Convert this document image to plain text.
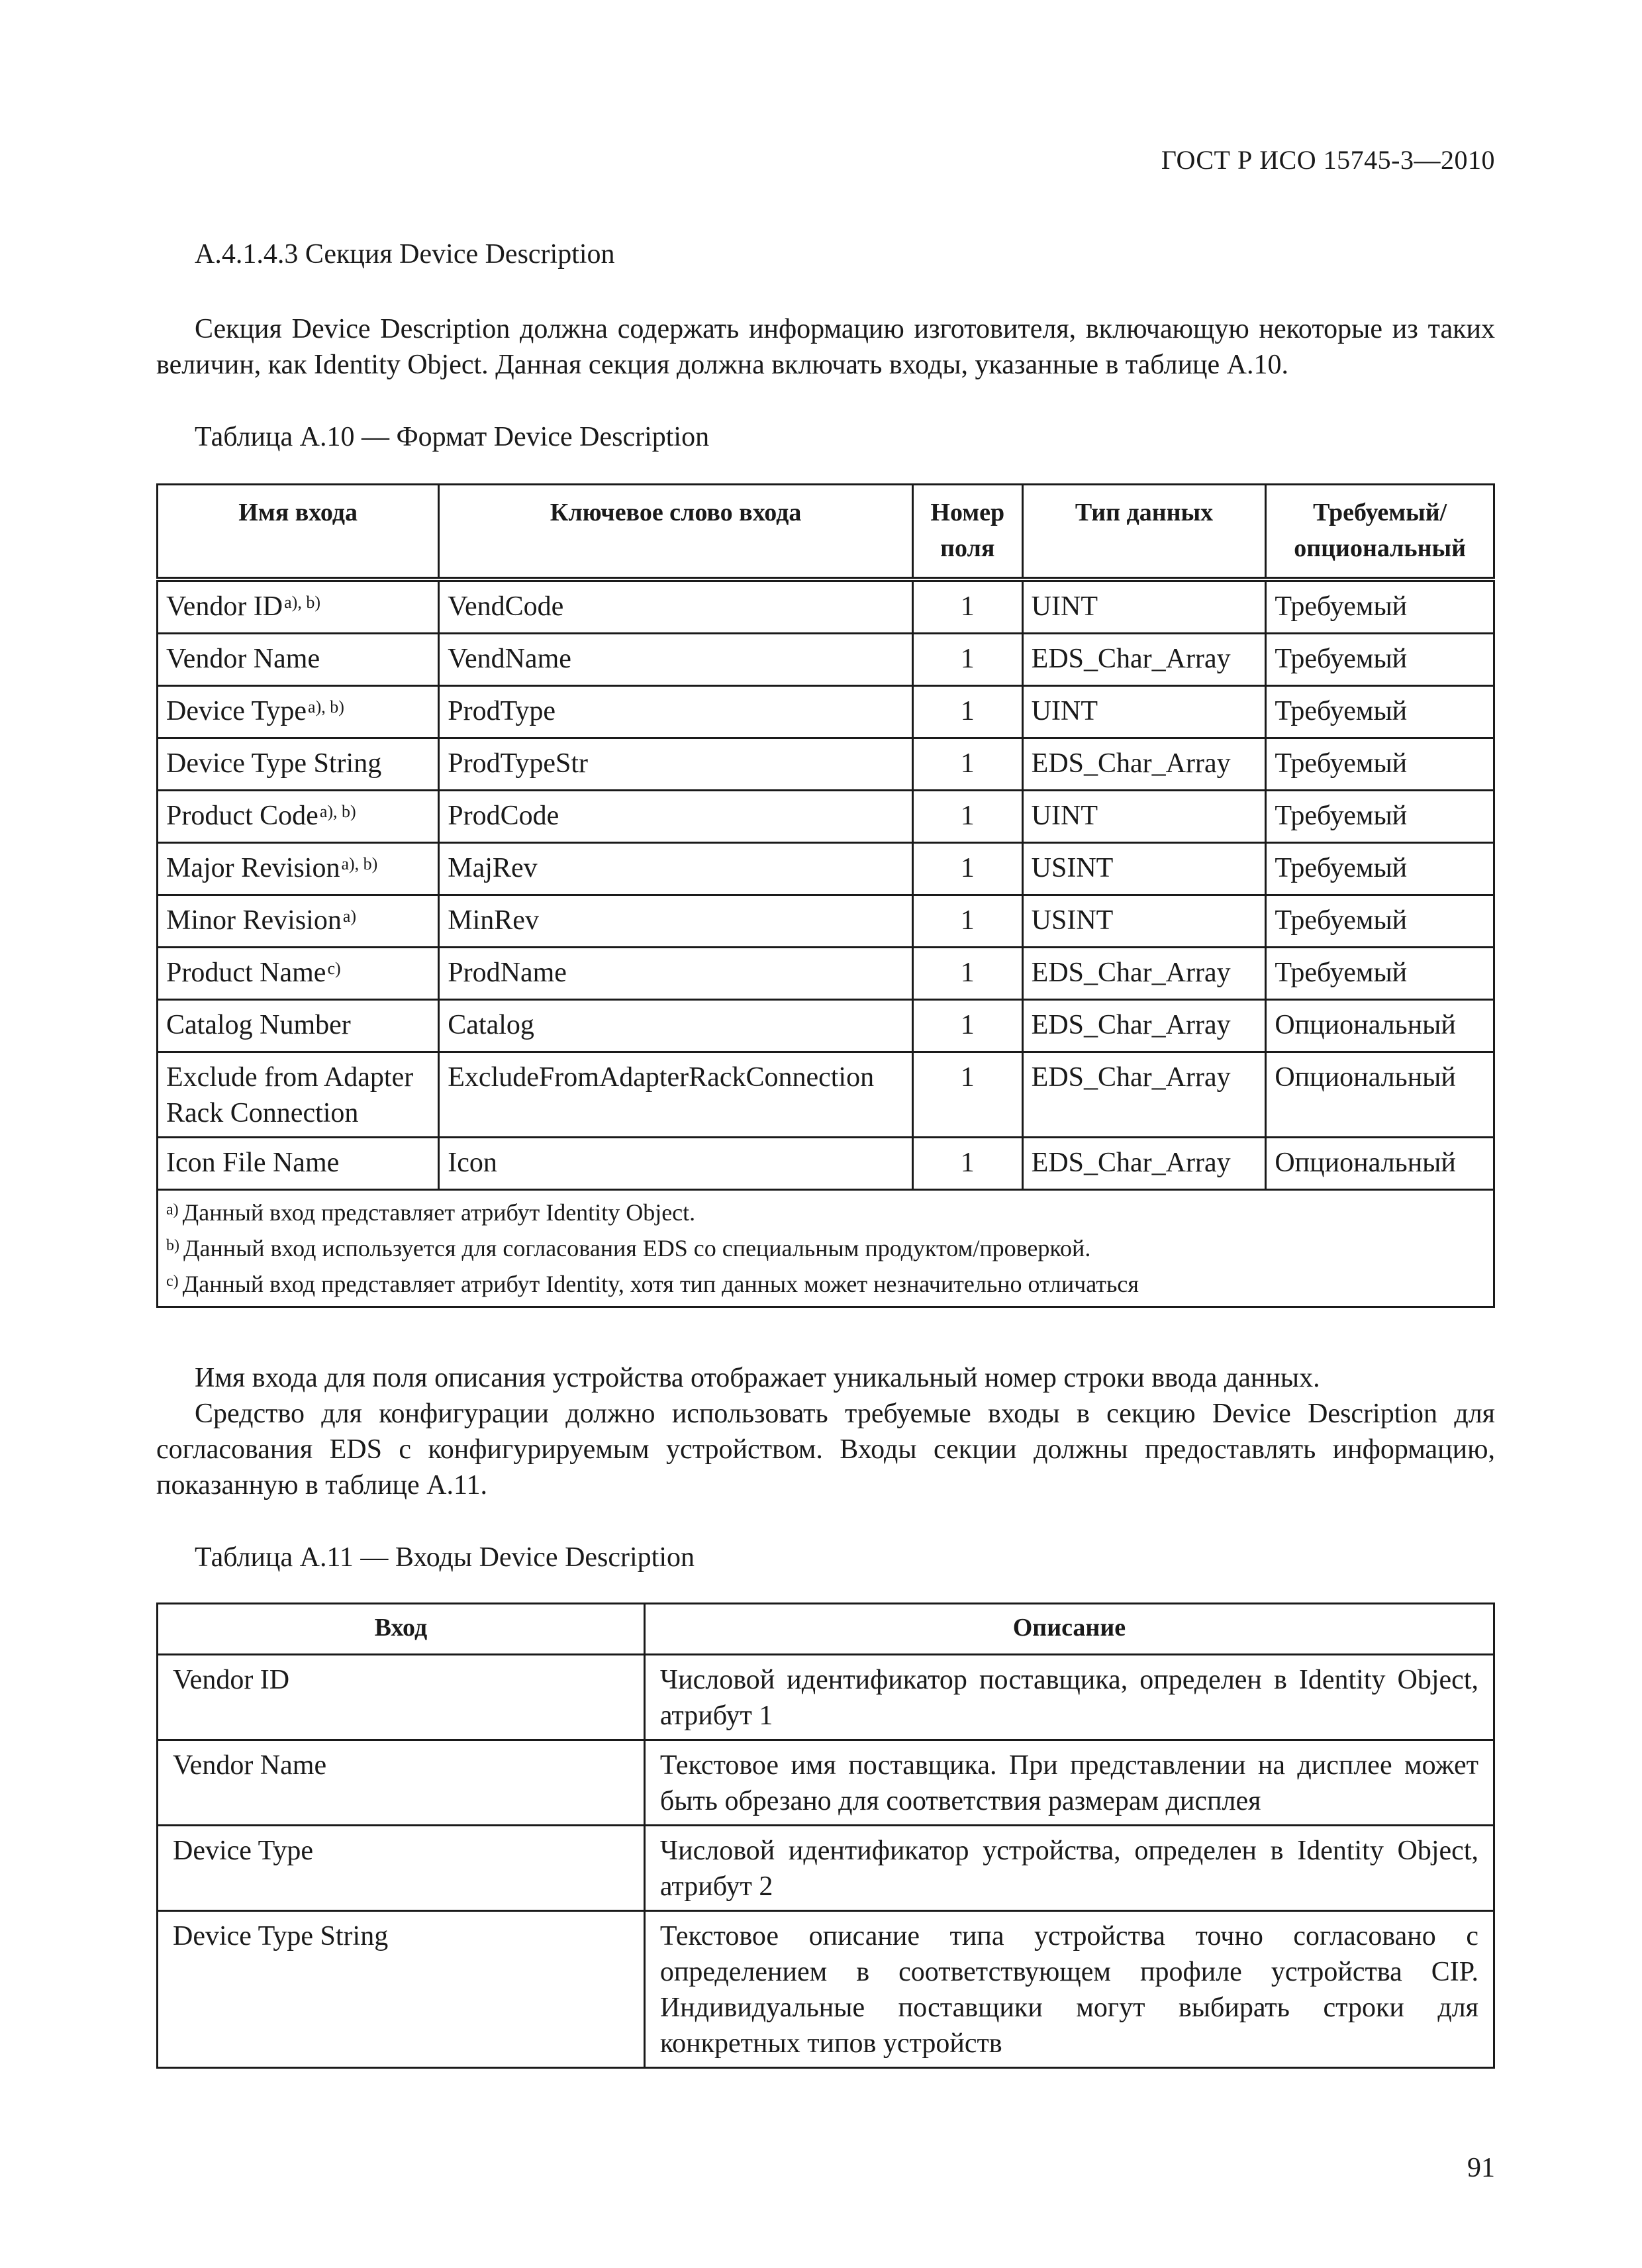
ГОСТ Р ИСО 15745-3—2010
A.4.1.4.3 Секция Device Description

Секция Device Description должна содержать информацию изготовителя, включающую некоторые из таких величин, как Identity Object. Данная секция должна включать входы, указанные в таблице A.10.

Таблица A.10 — Формат Device Description
Имя входа	Ключевое слово входа	Номер поля	Тип данных	Требуемый/ опциональный
Vendor $ID^{a), b)}$	VendCode	1	UINT	Требуемый
Vendor Name	VendName	1	EDS_Char_Array	Требуемый
Device Type$^{a), b)}$	ProdType	1	UINT	Требуемый
Device Type String	ProdTypeStr	1	EDS_Char_Array	Требуемый
Product Code$^{a), b)}$	ProdCode	1	UINT	Требуемый
Major Revision$^{a), b)}$	MajRev	1	USINT	Требуемый
Minor Revision$^{a)}$	MinRev	1	USINT	Требуемый
Product Name$^{c)}$	ProdName	1	EDS_Char_Array	Требуемый
Catalog Number	Catalog	1	EDS_Char_Array	Опциональный
Exclude from Adapter Rack Connection	ExcludeFromAdapterRackConnection	1	EDS_Char_Array	Опциональный
Icon File Name	Icon	1	EDS_Char_Array	Опциональный

$^{a)}$ Данный вход представляет атрибут Identity Object.
$^{b)}$ Данный вход используется для согласования EDS со специальным продуктом/проверкой.
$^{c)}$ Данный вход представляет атрибут Identity, хотя тип данных может незначительно отличаться				

Имя входа для поля описания устройства отображает уникальный номер строки ввода данных.

Средство для конфигурации должно использовать требуемые входы в секцию Device Description для согласования EDS с конфигурируемым устройством. Входы секции должны предоставлять информацию, показанную в таблице A.11.

Таблица A.11 — Входы Device Description
Вход	Описание
Vendor ID	Числовой идентификатор поставщика, определен в Identity Object, атрибут 1
Vendor Name	Текстовое имя поставщика. При представлении на дисплее может быть обрезано для соответствия размерам дисплея
Device Type	Числовой идентификатор устройства, определен в Identity Object, атрибут 2
Device Type String	Текстовое описание типа устройства точно согласовано с определением в соответствующем профиле устройства CIP. Индивидуальные поставщики могут выбирать строки для конкретных типов устройств
91
